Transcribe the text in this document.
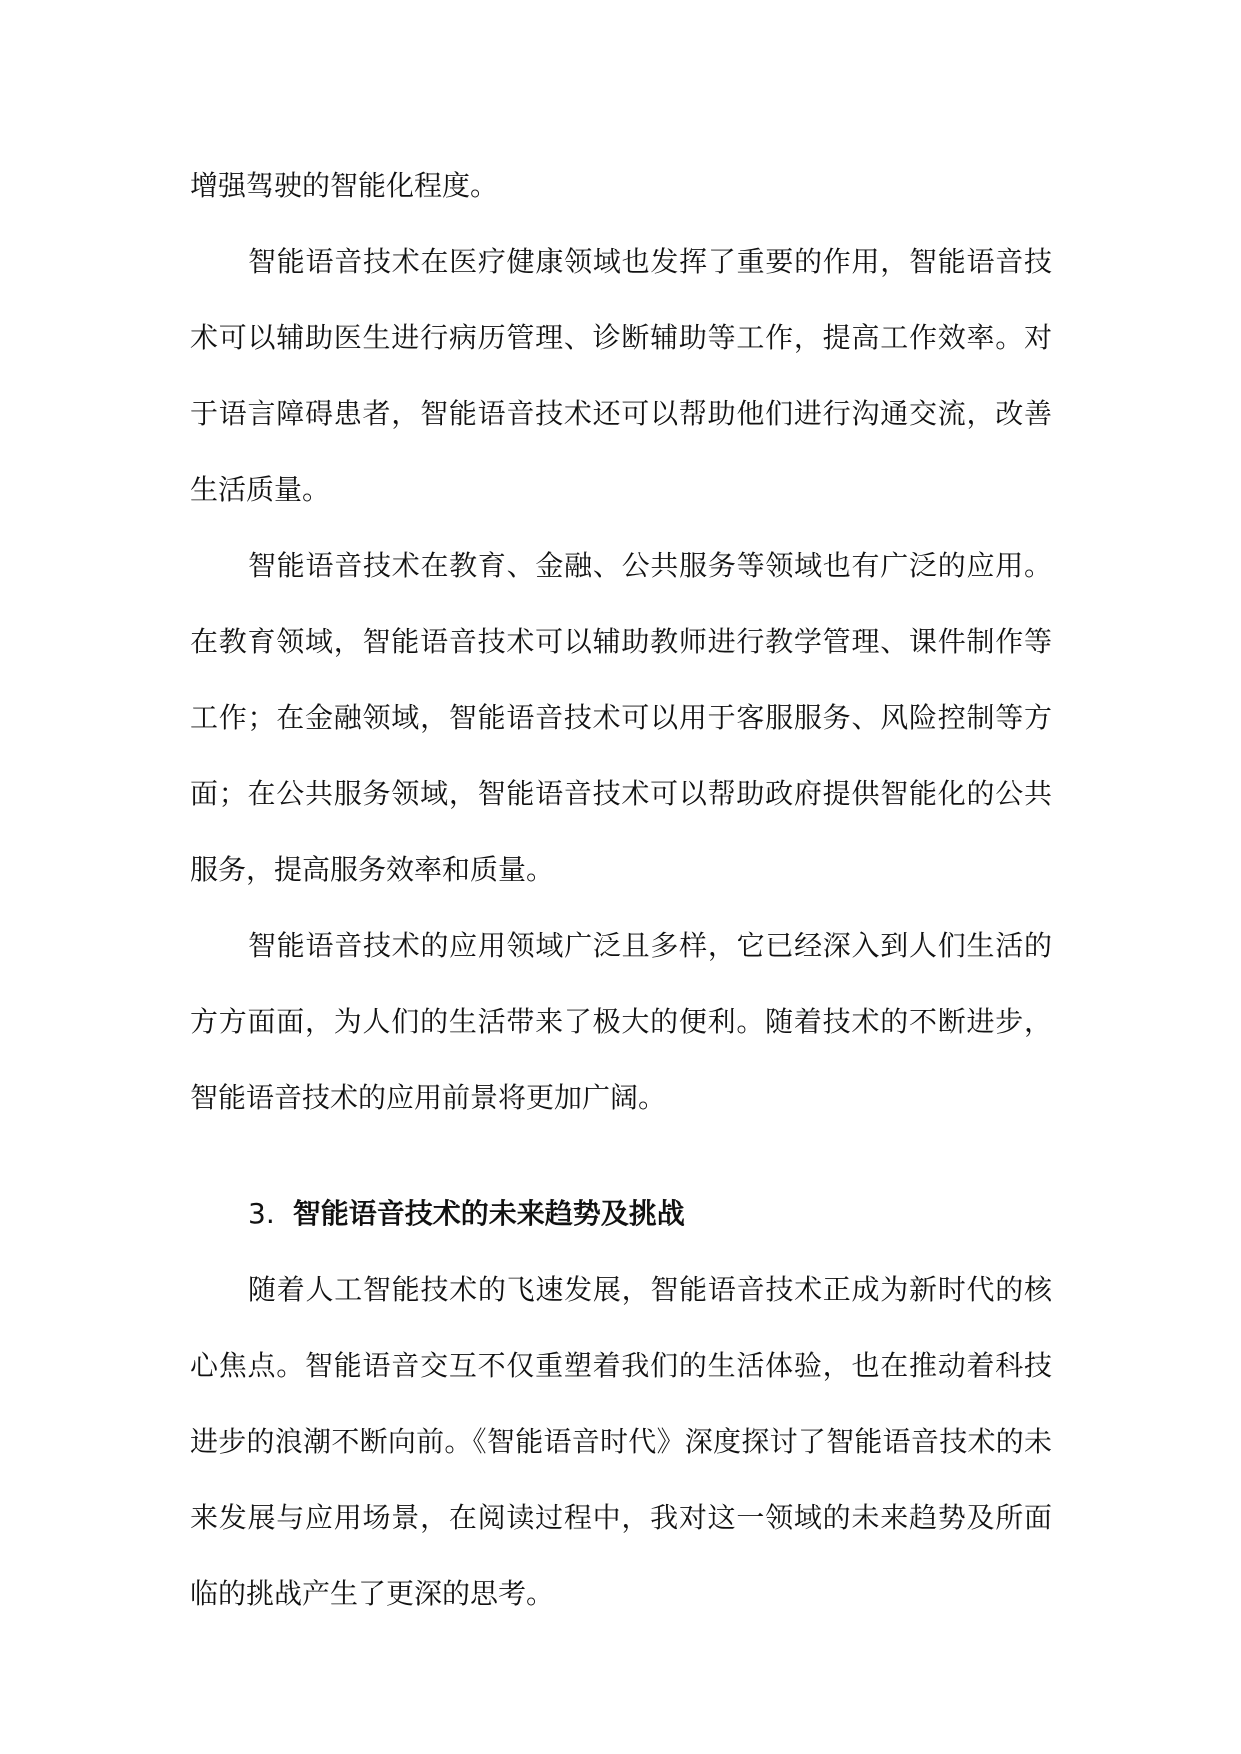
增强驾驶的智能化程度。

智能语音技术在医疗健康领域也发挥了重要的作用，智能语音技术可以辅助医生进行病历管理、诊断辅助等工作，提高工作效率。对于语言障碍患者，智能语音技术还可以帮助他们进行沟通交流，改善生活质量。

智能语音技术在教育、金融、公共服务等领域也有广泛的应用。在教育领域，智能语音技术可以辅助教师进行教学管理、课件制作等工作；在金融领域，智能语音技术可以用于客服服务、风险控制等方面；在公共服务领域，智能语音技术可以帮助政府提供智能化的公共服务，提高服务效率和质量。

智能语音技术的应用领域广泛且多样，它已经深入到人们生活的方方面面，为人们的生活带来了极大的便利。随着技术的不断进步，智能语音技术的应用前景将更加广阔。

3. 智能语音技术的未来趋势及挑战

随着人工智能技术的飞速发展，智能语音技术正成为新时代的核心焦点。智能语音交互不仅重塑着我们的生活体验，也在推动着科技进步的浪潮不断向前。《智能语音时代》深度探讨了智能语音技术的未来发展与应用场景，在阅读过程中，我对这一领域的未来趋势及所面临的挑战产生了更深的思考。
